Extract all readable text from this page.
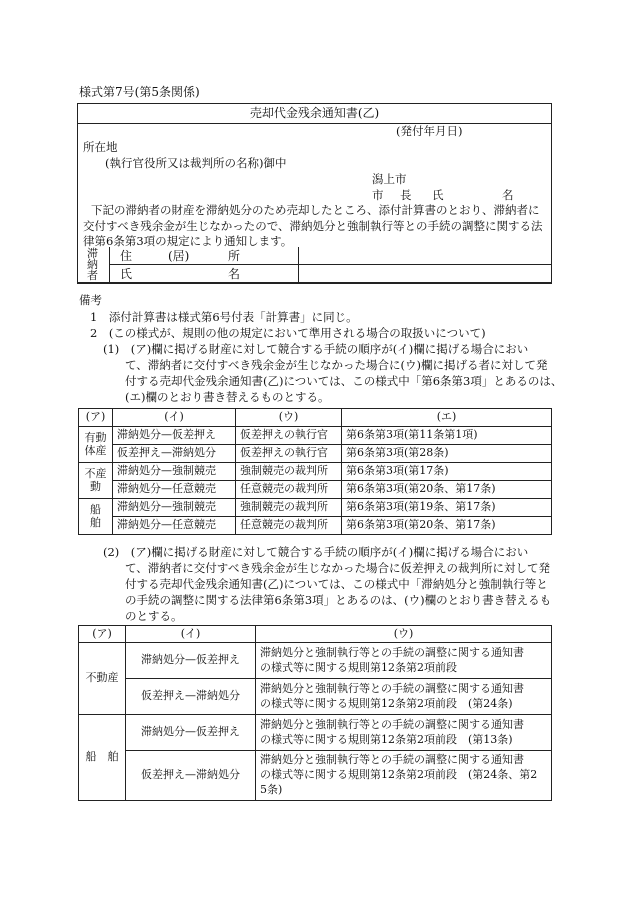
様式第7号(第5条関係)
売却代金残余通知書(乙)
(発付年月日)
所在地
(執行官役所又は裁判所の名称)御中
潟上市
市 長 氏	名
下記の滞納者の財産を滞納処分のため売却したところ、添付計算書のとおり、滞納者に
交付すべき残余金が生じなかったので、滞納処分と強制執行等との手続の調整に関する法
律第6条第3項の規定により通知します。
滞
納
者
住	(居)	所
氏	名
備考
1　添付計算書は様式第6号付表「計算書」に同じ。
2　(この様式が、規則の他の規定において準用される場合の取扱いについて)
(1)　(ア)欄に掲げる財産に対して競合する手続の順序が(イ)欄に掲げる場合におい
て、滞納者に交付すべき残余金が生じなかった場合に(ウ)欄に掲げる者に対して発
付する売却代金残余通知書(乙)については、この様式中「第6条第3項」とあるのは、
(エ)欄のとおり書き替えるものとする。
(ア)	(イ)	(ウ)	(エ)
有動
体産	滞納処分—仮差押え	仮差押えの執行官	第6条第3項(第11条第1項)
	仮差押え—滞納処分	仮差押えの執行官	第6条第3項(第28条)
不産
動	滞納処分—強制競売	強制競売の裁判所	第6条第3項(第17条)
	滞納処分—任意競売	任意競売の裁判所	第6条第3項(第20条、第17条)
船
舶	滞納処分—強制競売	強制競売の裁判所	第6条第3項(第19条、第17条)
	滞納処分—任意競売	任意競売の裁判所	第6条第3項(第20条、第17条)
(2)　(ア)欄に掲げる財産に対して競合する手続の順序が(イ)欄に掲げる場合におい
て、滞納者に交付すべき残余金が生じなかった場合に仮差押えの裁判所に対して発
付する売却代金残余通知書(乙)については、この様式中「滞納処分と強制執行等と
の手続の調整に関する法律第6条第3項」とあるのは、(ウ)欄のとおり書き替えるも
のとする。
(ア)	(イ)	(ウ)
不動産	滞納処分—仮差押え	滞納処分と強制執行等との手続の調整に関する通知書
の様式等に関する規則第12条第2項前段
	仮差押え—滞納処分	滞納処分と強制執行等との手続の調整に関する通知書
の様式等に関する規則第12条第2項前段　(第24条)
船　舶	滞納処分—仮差押え	滞納処分と強制執行等との手続の調整に関する通知書
の様式等に関する規則第12条第2項前段　(第13条)
	仮差押え—滞納処分	滞納処分と強制執行等との手続の調整に関する通知書
の様式等に関する規則第12条第2項前段　(第24条、第2
5条)
